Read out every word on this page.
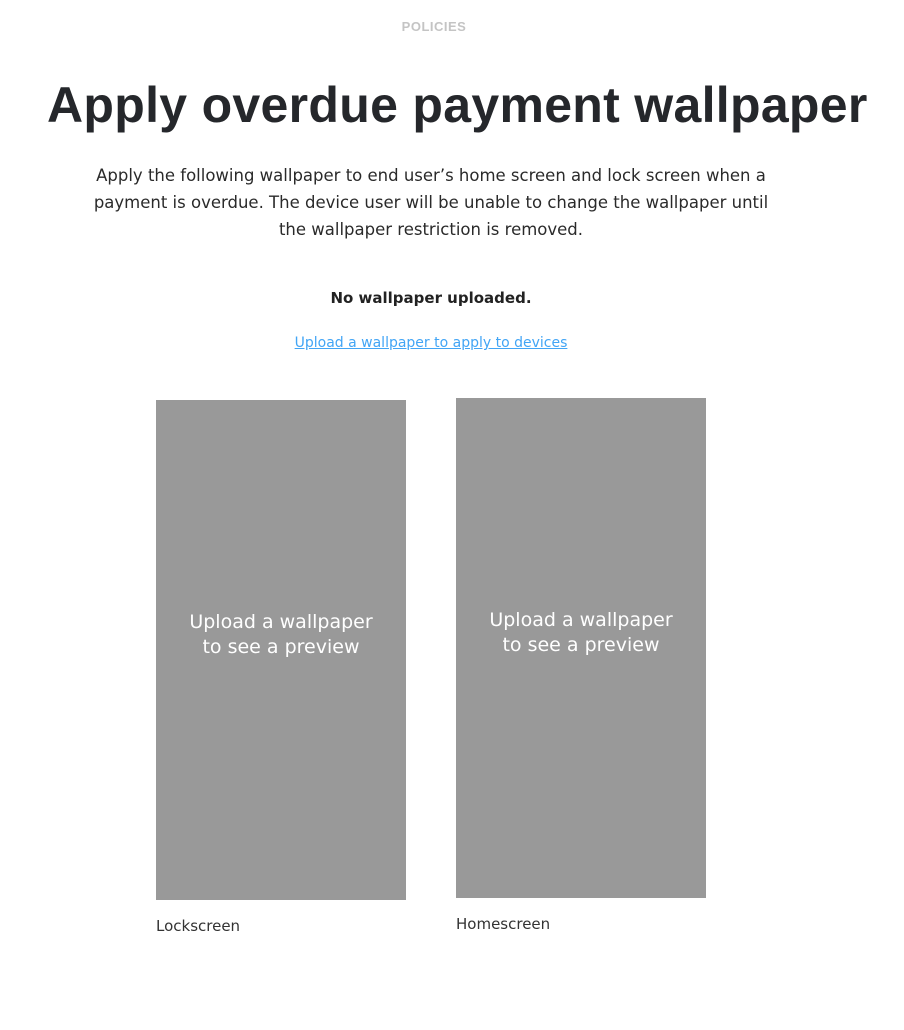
POLICIES
Apply overdue payment wallpaper

Apply the following wallpaper to end user’s home screen and lock screen when a payment is overdue. The device user will be unable to change the wallpaper until the wallpaper restriction is removed.

No wallpaper uploaded.
Upload a wallpaper to apply to devices
Upload a wallpaper to see a preview
Lockscreen
Upload a wallpaper to see a preview
Homescreen
